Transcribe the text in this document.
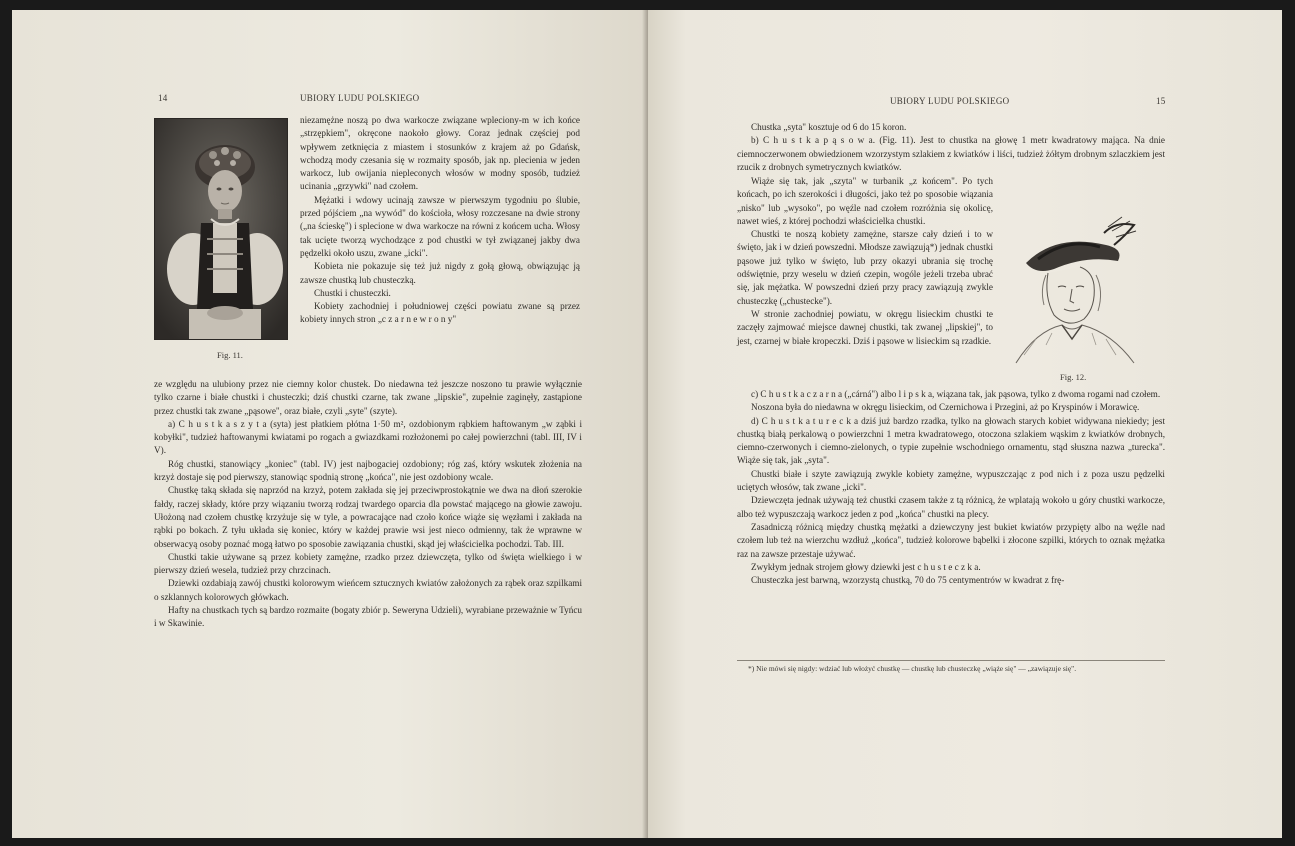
14	UBIORY LUDU POLSKIEGO
Fig. 11.

niezamężne noszą po dwa warkocze związane wpleciony-m w ich końce „strzępkiem", okręcone naokoło głowy. Coraz jednak częściej pod wpływem zetknięcia z miastem i stosunków z krajem aż po Gdańsk, wchodzą mody czesania się w rozmaity sposób, jak np. plecienia w jeden warkocz, lub owijania niepleconych włosów w modny sposób, tudzież ucinania „grzywki" nad czołem.

Mężatki i wdowy ucinają zawsze w pierwszym tygodniu po ślubie, przed pójściem „na wywód" do kościoła, włosy rozczesane na dwie strony („na ścieskę") i splecione w dwa warkocze na równi z końcem ucha. Włosy tak ucięte tworzą wychodzące z pod chustki w tył związanej jakby dwa pędzelki około uszu, zwane „icki".

Kobieta nie pokazuje się też już nigdy z gołą głową, obwiązując ją zawsze chustką lub chusteczką.

Chustki i chusteczki.

Kobiety zachodniej i południowej części powiatu zwane są przez kobiety innych stron „c z a r n e w r o n y"

ze względu na ulubiony przez nie ciemny kolor chustek. Do niedawna też jeszcze noszono tu prawie wyłącznie tylko czarne i białe chustki i chusteczki; dziś chustki czarne, tak zwane „lipskie", zupełnie zaginęły, zastąpione przez chustki tak zwane „pąsowe", oraz białe, czyli „syte" (szyte).

a) C h u s t k a s z y t a (syta) jest płatkiem płótna 1·50 m², ozdobionym rąbkiem haftowanym „w ząbki i kobyłki", tudzież haftowanymi kwiatami po rogach a gwiazdkami rozłożonemi po całej powierzchni (tabl. III, IV i V).

Róg chustki, stanowiący „koniec" (tabl. IV) jest najbogaciej ozdobiony; róg zaś, który wskutek złożenia na krzyż dostaje się pod pierwszy, stanowiąc spodnią stronę „końca", nie jest ozdobiony wcale.

Chustkę taką składa się naprzód na krzyż, potem zakłada się jej przeciwprostokątnie we dwa na dłoń szerokie fałdy, raczej składy, które przy wiązaniu tworzą rodzaj twardego oparcia dla powstać mającego na głowie zawoju. Ułożoną nad czołem chustkę krzyżuje się w tyle, a powracające nad czoło końce wiąże się węzłami i zakłada na rąbki po bokach. Z tyłu układa się koniec, który w każdej prawie wsi jest nieco odmienny, tak że wprawne w obserwacyą osoby poznać mogą łatwo po sposobie zawiązania chustki, skąd jej właścicielka pochodzi. Tab. III.

Chustki takie używane są przez kobiety zamężne, rzadko przez dziewczęta, tylko od święta wielkiego i w pierwszy dzień wesela, tudzież przy chrzcinach.

Dziewki ozdabiają zawój chustki kolorowym wieńcem sztucznych kwiatów założonych za rąbek oraz szpilkami o szklannych kolorowych główkach.

Hafty na chustkach tych są bardzo rozmaite (bogaty zbiór p. Seweryna Udzieli), wyrabiane przeważnie w Tyńcu i w Skawinie.

UBIORY LUDU POLSKIEGO	15

Chustka „syta" kosztuje od 6 do 15 koron.

b) C h u s t k a p ą s o w a. (Fig. 11). Jest to chustka na głowę 1 metr kwadratowy mająca. Na dnie ciemnoczerwonem obwiedzionem wzorzystym szlakiem z kwiatków i liści, tudzież żółtym drobnym szlaczkiem jest rzucik z drobnych symetrycznych kwiatków.

Wiąże się tak, jak „szyta" w turbanik „z końcem". Po tych końcach, po ich szerokości i długości, jako też po sposobie wiązania „nisko" lub „wysoko", po węźle nad czołem rozróżnia się okolicę, nawet wieś, z której pochodzi właścicielka chustki.

Chustki te noszą kobiety zamężne, starsze cały dzień i to w święto, jak i w dzień powszedni. Młodsze zawiązują*) jednak chustki pąsowe już tylko w święto, lub przy okazyi ubrania się trochę odświętnie, przy weselu w dzień czepin, wogóle jeżeli trzeba ubrać się, jak mężatka. W powszedni dzień przy pracy zawiązują zwykle chusteczkę („chustecke").

W stronie zachodniej powiatu, w okręgu lisieckim chustki te zaczęły zajmować miejsce dawnej chustki, tak zwanej „lipskiej", to jest, czarnej w białe kropeczki. Dziś i pąsowe w lisieckim są rzadkie.

Fig. 12.

c) C h u s t k a c z a r n a („cárná") albo l i p s k a, wiązana tak, jak pąsowa, tylko z dwoma rogami nad czołem.

Noszona była do niedawna w okręgu lisieckim, od Czernichowa i Przegini, aż po Kryspinów i Morawicę.

d) C h u s t k a t u r e c k a dziś już bardzo rzadka, tylko na głowach starych kobiet widywana niekiedy; jest chustką białą perkalową o powierzchni 1 metra kwadratowego, otoczona szlakiem wąskim z kwiatków drobnych, ciemno-czerwonych i ciemno-zielonych, o typie zupełnie wschodniego ornamentu, stąd słuszna nazwa „turecka". Wiąże się tak, jak „syta".

Chustki białe i szyte zawiązują zwykle kobiety zamężne, wypuszczając z pod nich i z poza uszu pędzelki uciętych włosów, tak zwane „icki".

Dziewczęta jednak używają też chustki czasem także z tą różnicą, że wplatają wokoło u góry chustki warkocze, albo też wypuszczają warkocz jeden z pod „końca" chustki na plecy.

Zasadniczą różnicą między chustką mężatki a dziewczyny jest bukiet kwiatów przypięty albo na węźle nad czołem lub też na wierzchu wzdłuż „końca", tudzież kolorowe bąbelki i złocone szpilki, których to oznak mężatka raz na zawsze przestaje używać.

Zwykłym jednak strojem głowy dziewki jest c h u s t e c z k a.

Chusteczka jest barwną, wzorzystą chustką, 70 do 75 centymentrów w kwadrat z frę-

*) Nie mówi się nigdy: wdziać lub włożyć chustkę — chustkę lub chusteczkę „wiąże się" — „zawiązuje się".
